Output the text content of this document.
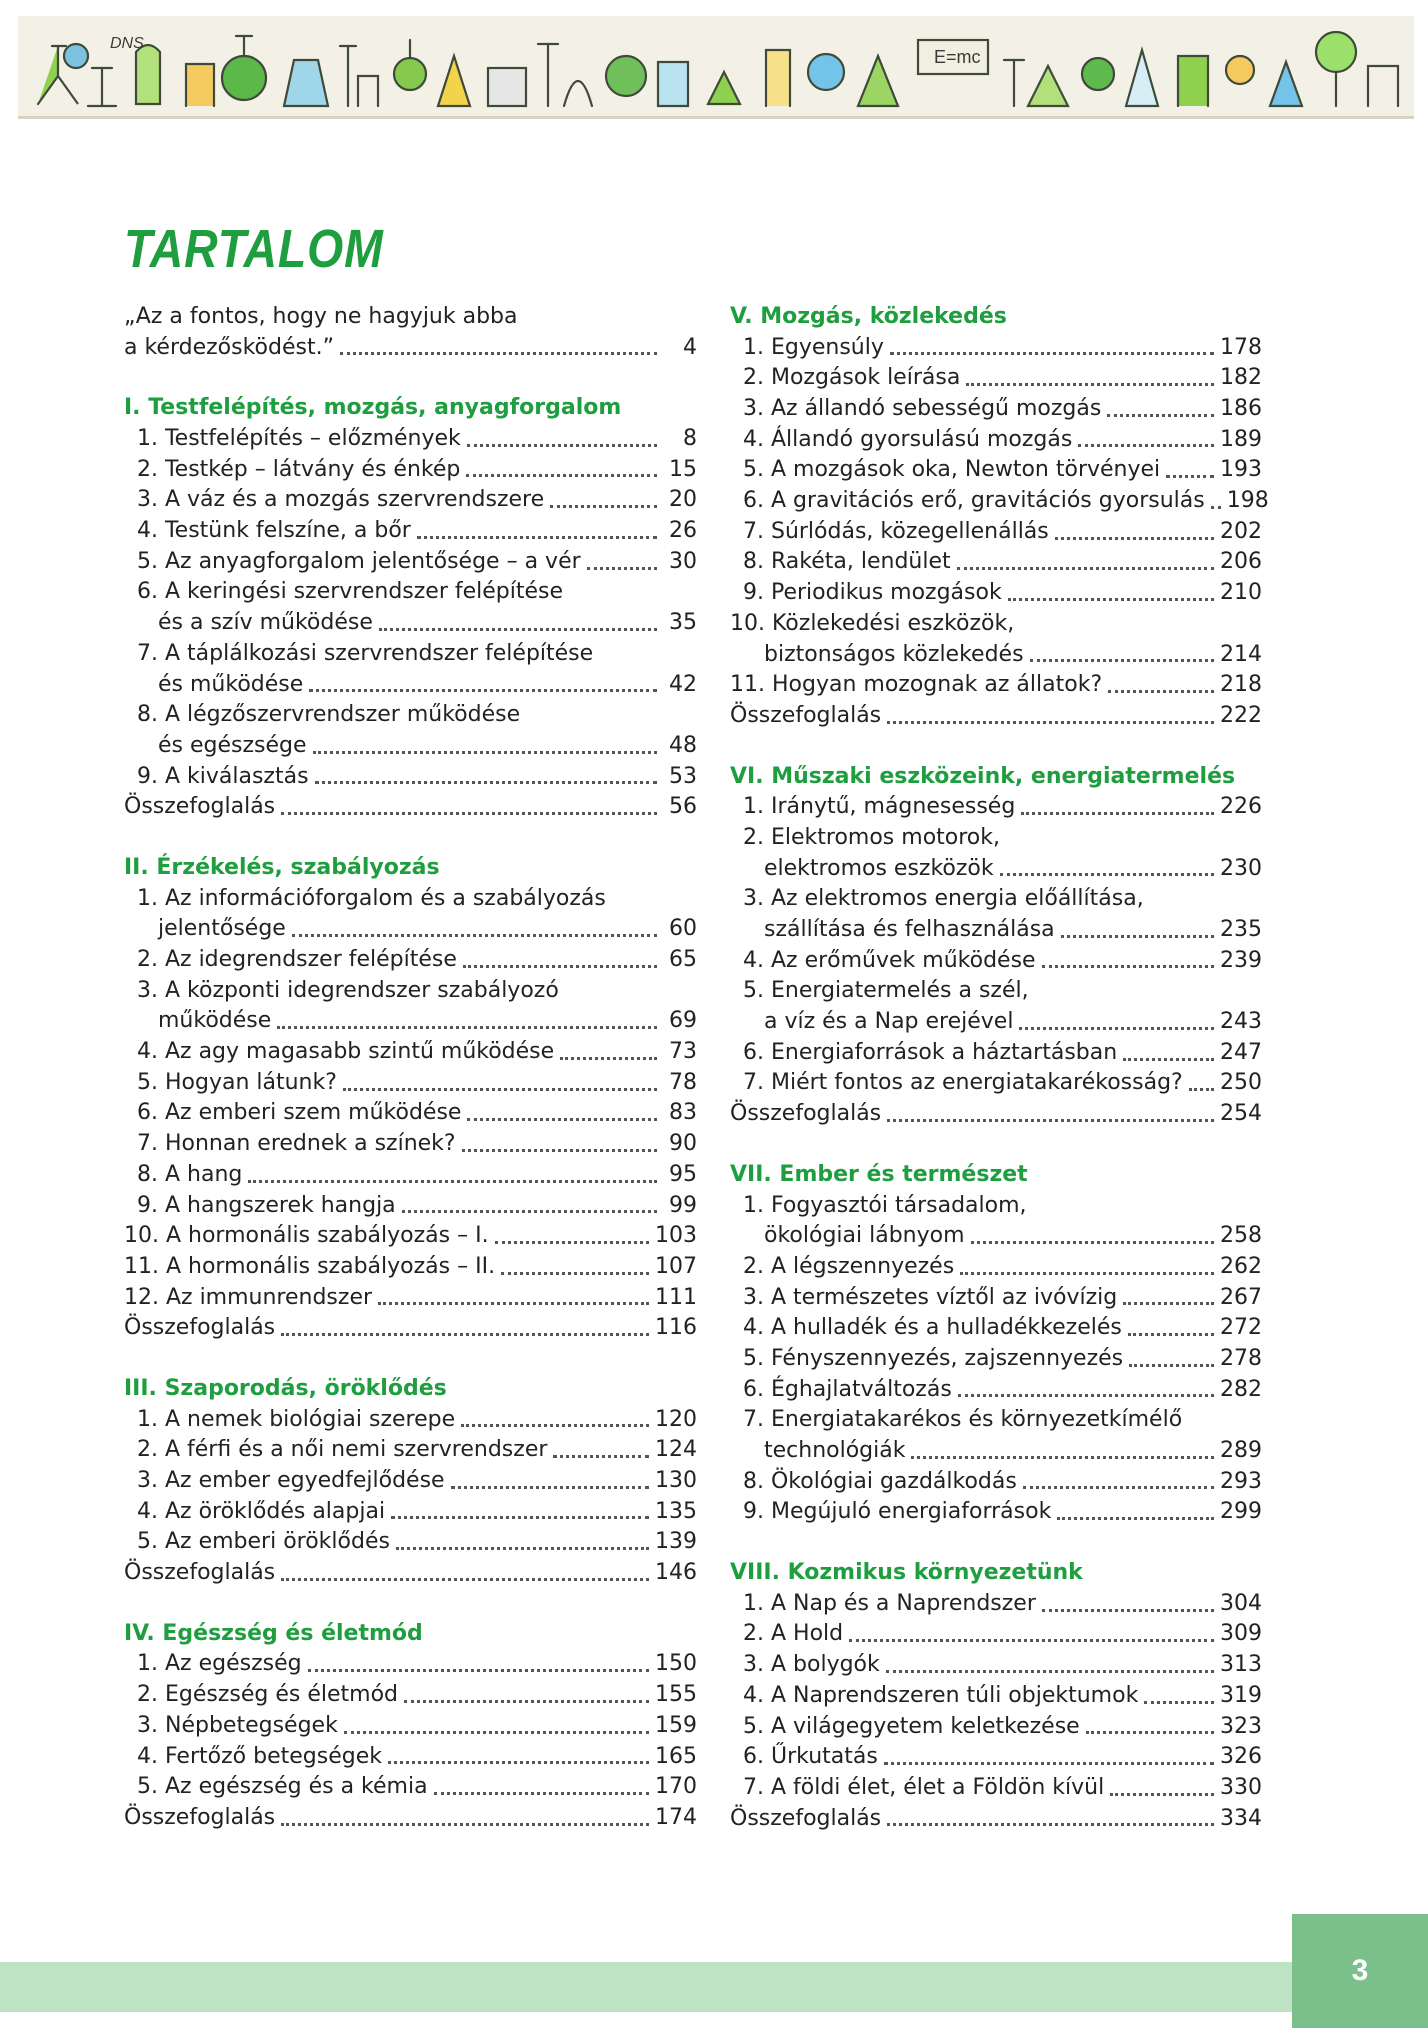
DNS
E=mc
TARTALOM
„Az a fontos, hogy ne hagyjuk abba
a kérdezősködést.”	4
I. Testfelépítés, mozgás, anyagforgalom
1. Testfelépítés – előzmények	8
2. Testkép – látvány és énkép	15
3. A váz és a mozgás szervrendszere	20
4. Testünk felszíne, a bőr	26
5. Az anyagforgalom jelentősége – a vér	30
6. A keringési szervrendszer felépítése
és a szív működése	35
7. A táplálkozási szervrendszer felépítése
és működése	42
8. A légzőszervrendszer működése
és egészsége	48
9. A kiválasztás	53
Összefoglalás	56
II. Érzékelés, szabályozás
1. Az információforgalom és a szabályozás
jelentősége	60
2. Az idegrendszer felépítése	65
3. A központi idegrendszer szabályozó
működése	69
4. Az agy magasabb szintű működése	73
5. Hogyan látunk?	78
6. Az emberi szem működése	83
7. Honnan erednek a színek?	90
8. A hang	95
9. A hangszerek hangja	99
10. A hormonális szabályozás – I.	103
11. A hormonális szabályozás – II.	107
12. Az immunrendszer	111
Összefoglalás	116
III. Szaporodás, öröklődés
1. A nemek biológiai szerepe	120
2. A férfi és a női nemi szervrendszer	124
3. Az ember egyedfejlődése	130
4. Az öröklődés alapjai	135
5. Az emberi öröklődés	139
Összefoglalás	146
IV. Egészség és életmód
1. Az egészség	150
2. Egészség és életmód	155
3. Népbetegségek	159
4. Fertőző betegségek	165
5. Az egészség és a kémia	170
Összefoglalás	174
V. Mozgás, közlekedés
1. Egyensúly	178
2. Mozgások leírása	182
3. Az állandó sebességű mozgás	186
4. Állandó gyorsulású mozgás	189
5. A mozgások oka, Newton törvényei	193
6. A gravitációs erő, gravitációs gyorsulás 198
7. Súrlódás, közegellenállás	202
8. Rakéta, lendület	206
9. Periodikus mozgások	210
10. Közlekedési eszközök,
biztonságos közlekedés	214
11. Hogyan mozognak az állatok?	218
Összefoglalás	222
VI. Műszaki eszközeink, energiatermelés
1. Iránytű, mágnesesség	226
2. Elektromos motorok,
elektromos eszközök	230
3. Az elektromos energia előállítása,
szállítása és felhasználása	235
4. Az erőművek működése	239
5. Energiatermelés a szél,
a víz és a Nap erejével	243
6. Energiaforrások a háztartásban	247
7. Miért fontos az energiatakarékosság? 250
Összefoglalás	254
VII. Ember és természet
1. Fogyasztói társadalom,
ökológiai lábnyom	258
2. A légszennyezés	262
3. A természetes víztől az ivóvízig	267
4. A hulladék és a hulladékkezelés	272
5. Fényszennyezés, zajszennyezés	278
6. Éghajlatváltozás	282
7. Energiatakarékos és környezetkímélő
technológiák	289
8. Ökológiai gazdálkodás	293
9. Megújuló energiaforrások	299
VIII. Kozmikus környezetünk
1. A Nap és a Naprendszer	304
2. A Hold	309
3. A bolygók	313
4. A Naprendszeren túli objektumok	319
5. A világegyetem keletkezése	323
6. Űrkutatás	326
7. A földi élet, élet a Földön kívül	330
Összefoglalás	334
3
